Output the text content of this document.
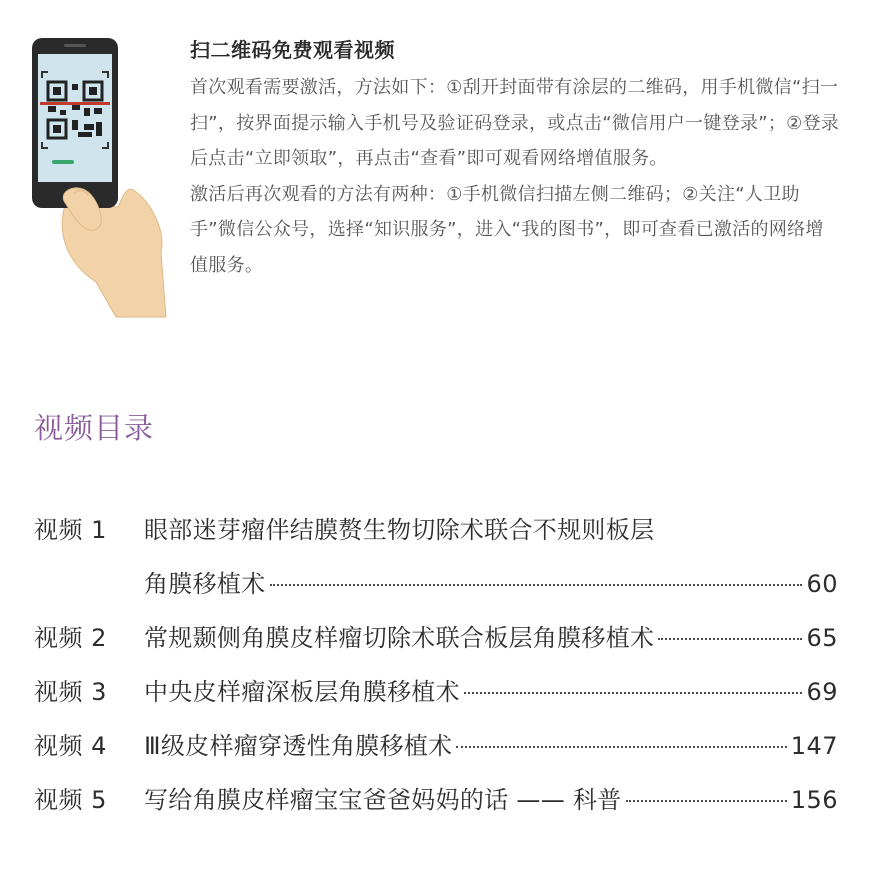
扫二维码免费观看视频

首次观看需要激活，方法如下：①刮开封面带有涂层的二维码，用手机微信“扫一扫”，按界面提示输入手机号及验证码登录，或点击“微信用户一键登录”；②登录后点击“立即领取”，再点击“查看”即可观看网络增值服务。

激活后再次观看的方法有两种：①手机微信扫描左侧二维码；②关注“人卫助手”微信公众号，选择“知识服务”，进入“我的图书”，即可查看已激活的网络增值服务。

视频目录
视频 1	眼部迷芽瘤伴结膜赘生物切除术联合不规则板层
角膜移植术	60
视频 2	常规颞侧角膜皮样瘤切除术联合板层角膜移植术	65
视频 3	中央皮样瘤深板层角膜移植术	69
视频 4	Ⅲ级皮样瘤穿透性角膜移植术	147
视频 5	写给角膜皮样瘤宝宝爸爸妈妈的话 —— 科普	156
